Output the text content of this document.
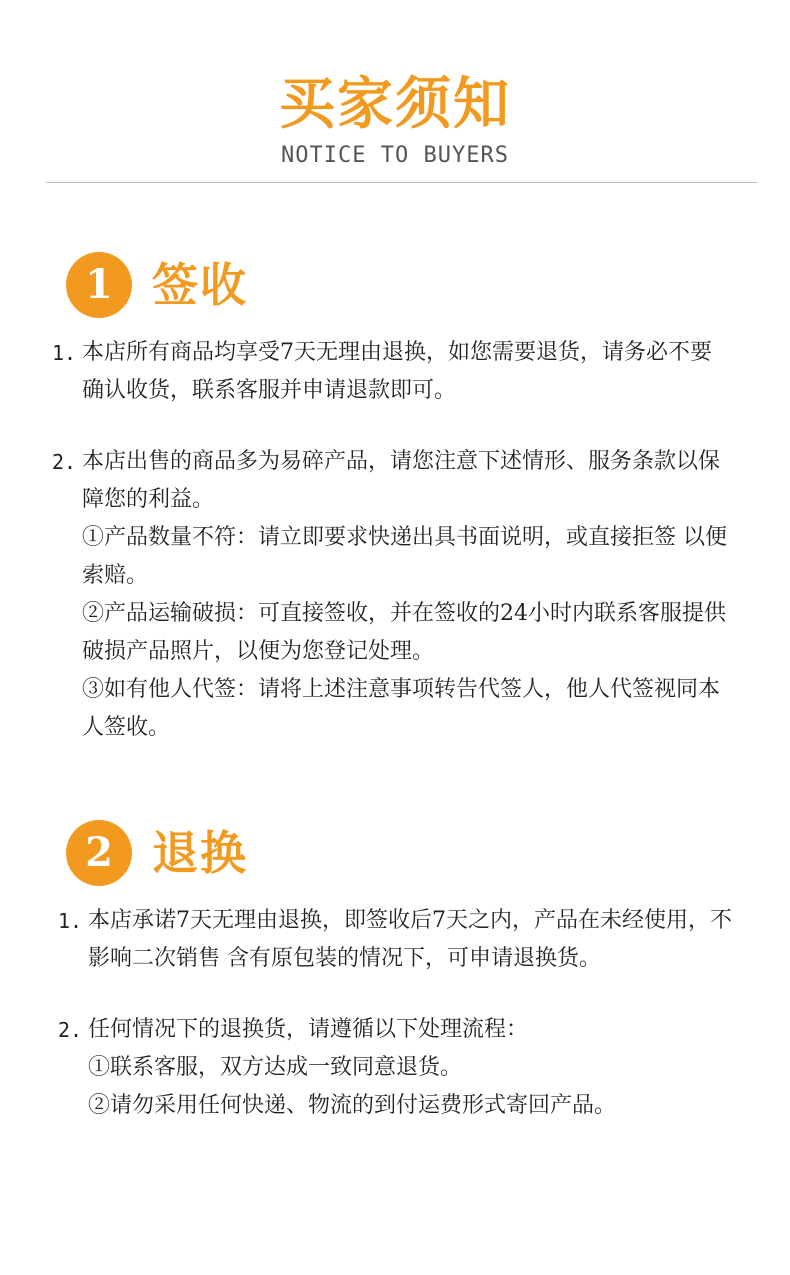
买家须知
NOTICE TO BUYERS
1 签收
1. 本店所有商品均享受7天无理由退换，如您需要退货，请务必不要确认收货，联系客服并申请退款即可。
2. 本店出售的商品多为易碎产品，请您注意下述情形、服务条款以保障您的利益。
①产品数量不符：请立即要求快递出具书面说明，或直接拒签 以便索赔。
②产品运输破损：可直接签收，并在签收的24小时内联系客服提供破损产品照片，以便为您登记处理。
③如有他人代签：请将上述注意事项转告代签人，他人代签视同本人签收。
2 退换
1. 本店承诺7天无理由退换，即签收后7天之内，产品在未经使用，不影响二次销售 含有原包装的情况下，可申请退换货。
2. 任何情况下的退换货，请遵循以下处理流程：
①联系客服，双方达成一致同意退货。
②请勿采用任何快递、物流的到付运费形式寄回产品。
